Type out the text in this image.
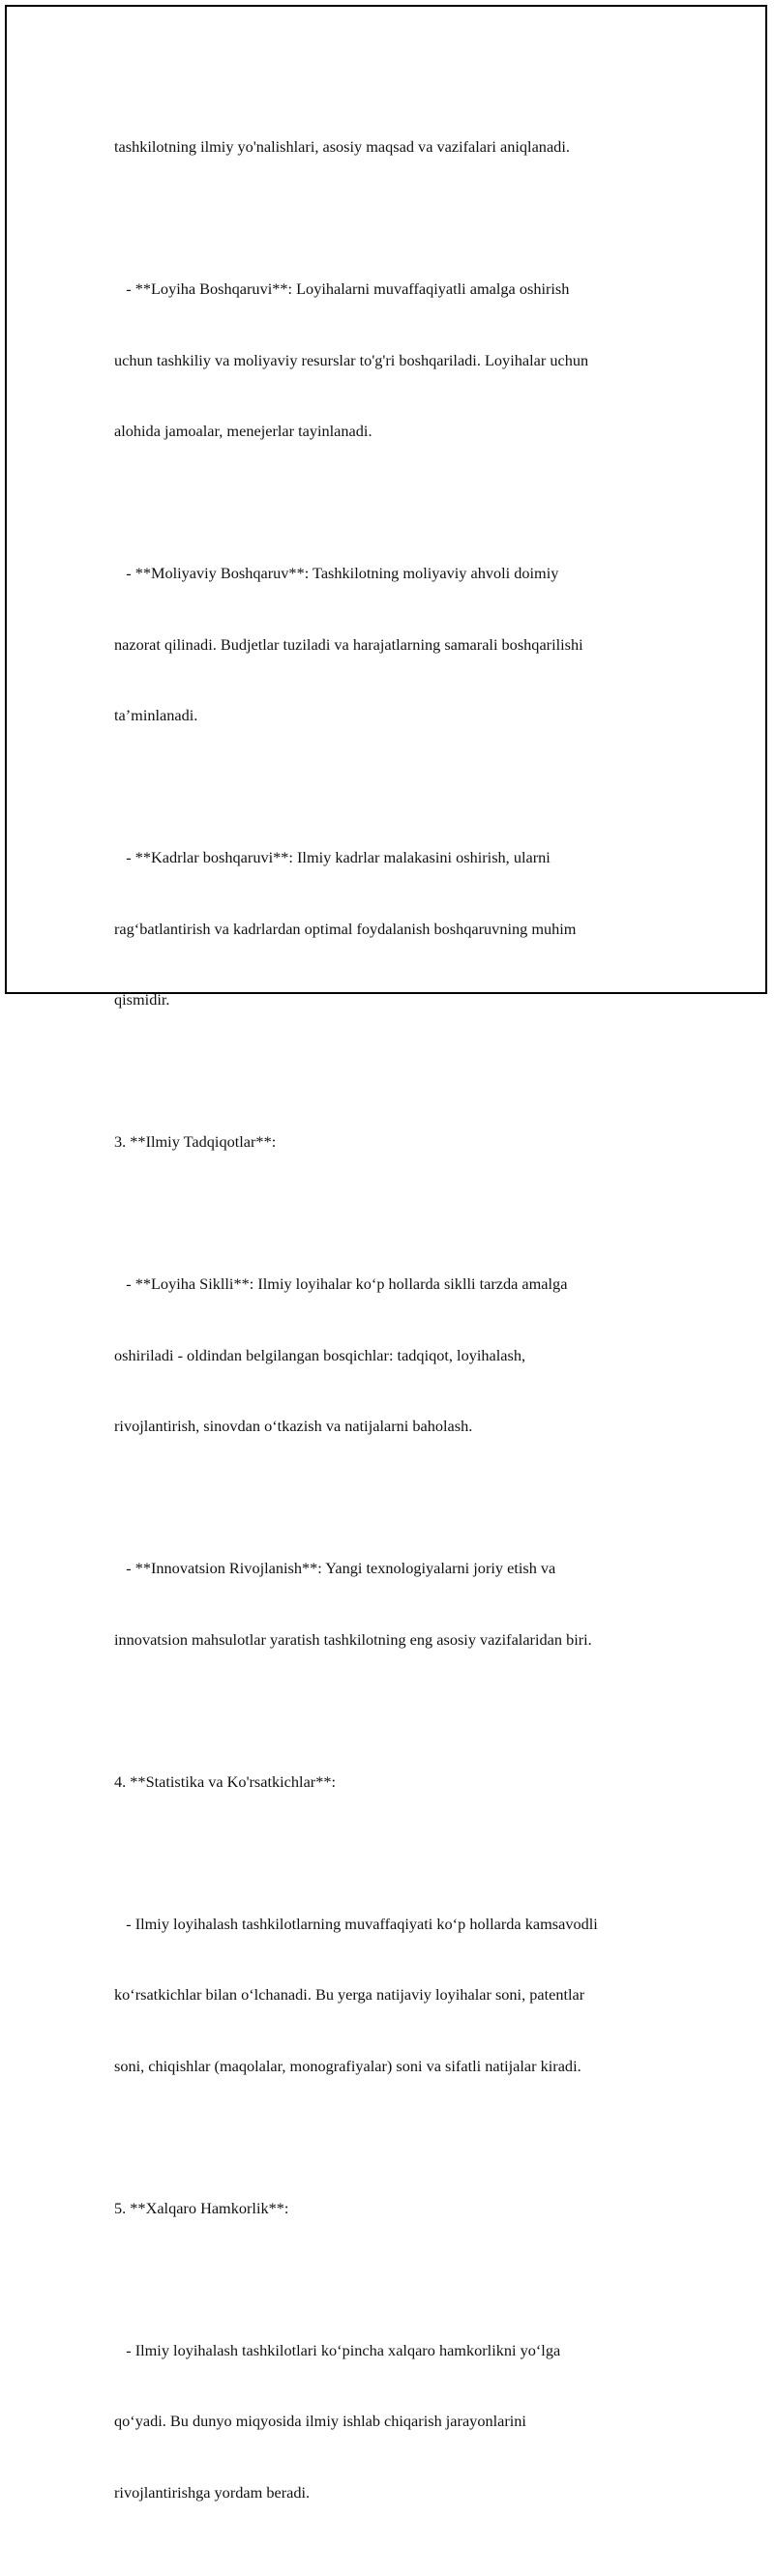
tashkilotning ilmiy yo'nalishlari, asosiy maqsad va vazifalari aniqlanadi.

- **Loyiha Boshqaruvi**: Loyihalarni muvaffaqiyatli amalga oshirish

uchun tashkiliy va moliyaviy resurslar to'g'ri boshqariladi. Loyihalar uchun

alohida jamoalar, menejerlar tayinlanadi.

- **Moliyaviy Boshqaruv**: Tashkilotning moliyaviy ahvoli doimiy

nazorat qilinadi. Budjetlar tuziladi va harajatlarning samarali boshqarilishi

ta’minlanadi.

- **Kadrlar boshqaruvi**: Ilmiy kadrlar malakasini oshirish, ularni

rag‘batlantirish va kadrlardan optimal foydalanish boshqaruvning muhim

qismidir.

3. **Ilmiy Tadqiqotlar**:

- **Loyiha Siklli**: Ilmiy loyihalar ko‘p hollarda siklli tarzda amalga

oshiriladi - oldindan belgilangan bosqichlar: tadqiqot, loyihalash,

rivojlantirish, sinovdan o‘tkazish va natijalarni baholash.

- **Innovatsion Rivojlanish**: Yangi texnologiyalarni joriy etish va

innovatsion mahsulotlar yaratish tashkilotning eng asosiy vazifalaridan biri.

4. **Statistika va Ko'rsatkichlar**:

- Ilmiy loyihalash tashkilotlarning muvaffaqiyati ko‘p hollarda kamsavodli

ko‘rsatkichlar bilan o‘lchanadi. Bu yerga natijaviy loyihalar soni, patentlar

soni, chiqishlar (maqolalar, monografiyalar) soni va sifatli natijalar kiradi.

5. **Xalqaro Hamkorlik**:

- Ilmiy loyihalash tashkilotlari ko‘pincha xalqaro hamkorlikni yo‘lga

qo‘yadi. Bu dunyo miqyosida ilmiy ishlab chiqarish jarayonlarini

rivojlantirishga yordam beradi.
